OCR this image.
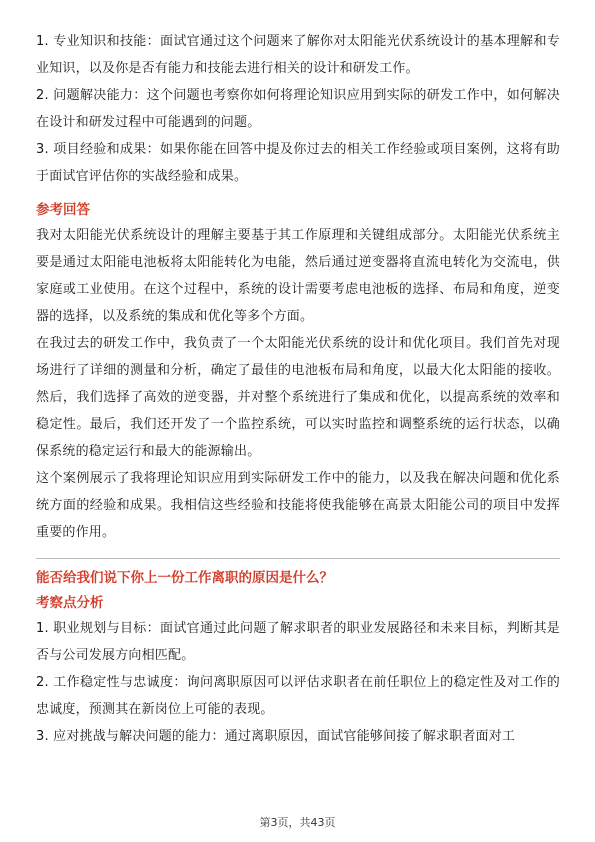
1. 专业知识和技能：面试官通过这个问题来了解你对太阳能光伏系统设计的基本理解和专业知识，以及你是否有能力和技能去进行相关的设计和研发工作。

2. 问题解决能力：这个问题也考察你如何将理论知识应用到实际的研发工作中，如何解决在设计和研发过程中可能遇到的问题。

3. 项目经验和成果：如果你能在回答中提及你过去的相关工作经验或项目案例，这将有助于面试官评估你的实战经验和成果。

参考回答

我对太阳能光伏系统设计的理解主要基于其工作原理和关键组成部分。太阳能光伏系统主要是通过太阳能电池板将太阳能转化为电能，然后通过逆变器将直流电转化为交流电，供家庭或工业使用。在这个过程中，系统的设计需要考虑电池板的选择、布局和角度，逆变器的选择，以及系统的集成和优化等多个方面。

在我过去的研发工作中，我负责了一个太阳能光伏系统的设计和优化项目。我们首先对现场进行了详细的测量和分析，确定了最佳的电池板布局和角度，以最大化太阳能的接收。然后，我们选择了高效的逆变器，并对整个系统进行了集成和优化，以提高系统的效率和稳定性。最后，我们还开发了一个监控系统，可以实时监控和调整系统的运行状态，以确保系统的稳定运行和最大的能源输出。

这个案例展示了我将理论知识应用到实际研发工作中的能力，以及我在解决问题和优化系统方面的经验和成果。我相信这些经验和技能将使我能够在高景太阳能公司的项目中发挥重要的作用。

能否给我们说下你上一份工作离职的原因是什么？

考察点分析

1. 职业规划与目标：面试官通过此问题了解求职者的职业发展路径和未来目标，判断其是否与公司发展方向相匹配。

2. 工作稳定性与忠诚度：询问离职原因可以评估求职者在前任职位上的稳定性及对工作的忠诚度，预测其在新岗位上可能的表现。

3. 应对挑战与解决问题的能力：通过离职原因，面试官能够间接了解求职者面对工

第3页，共43页
